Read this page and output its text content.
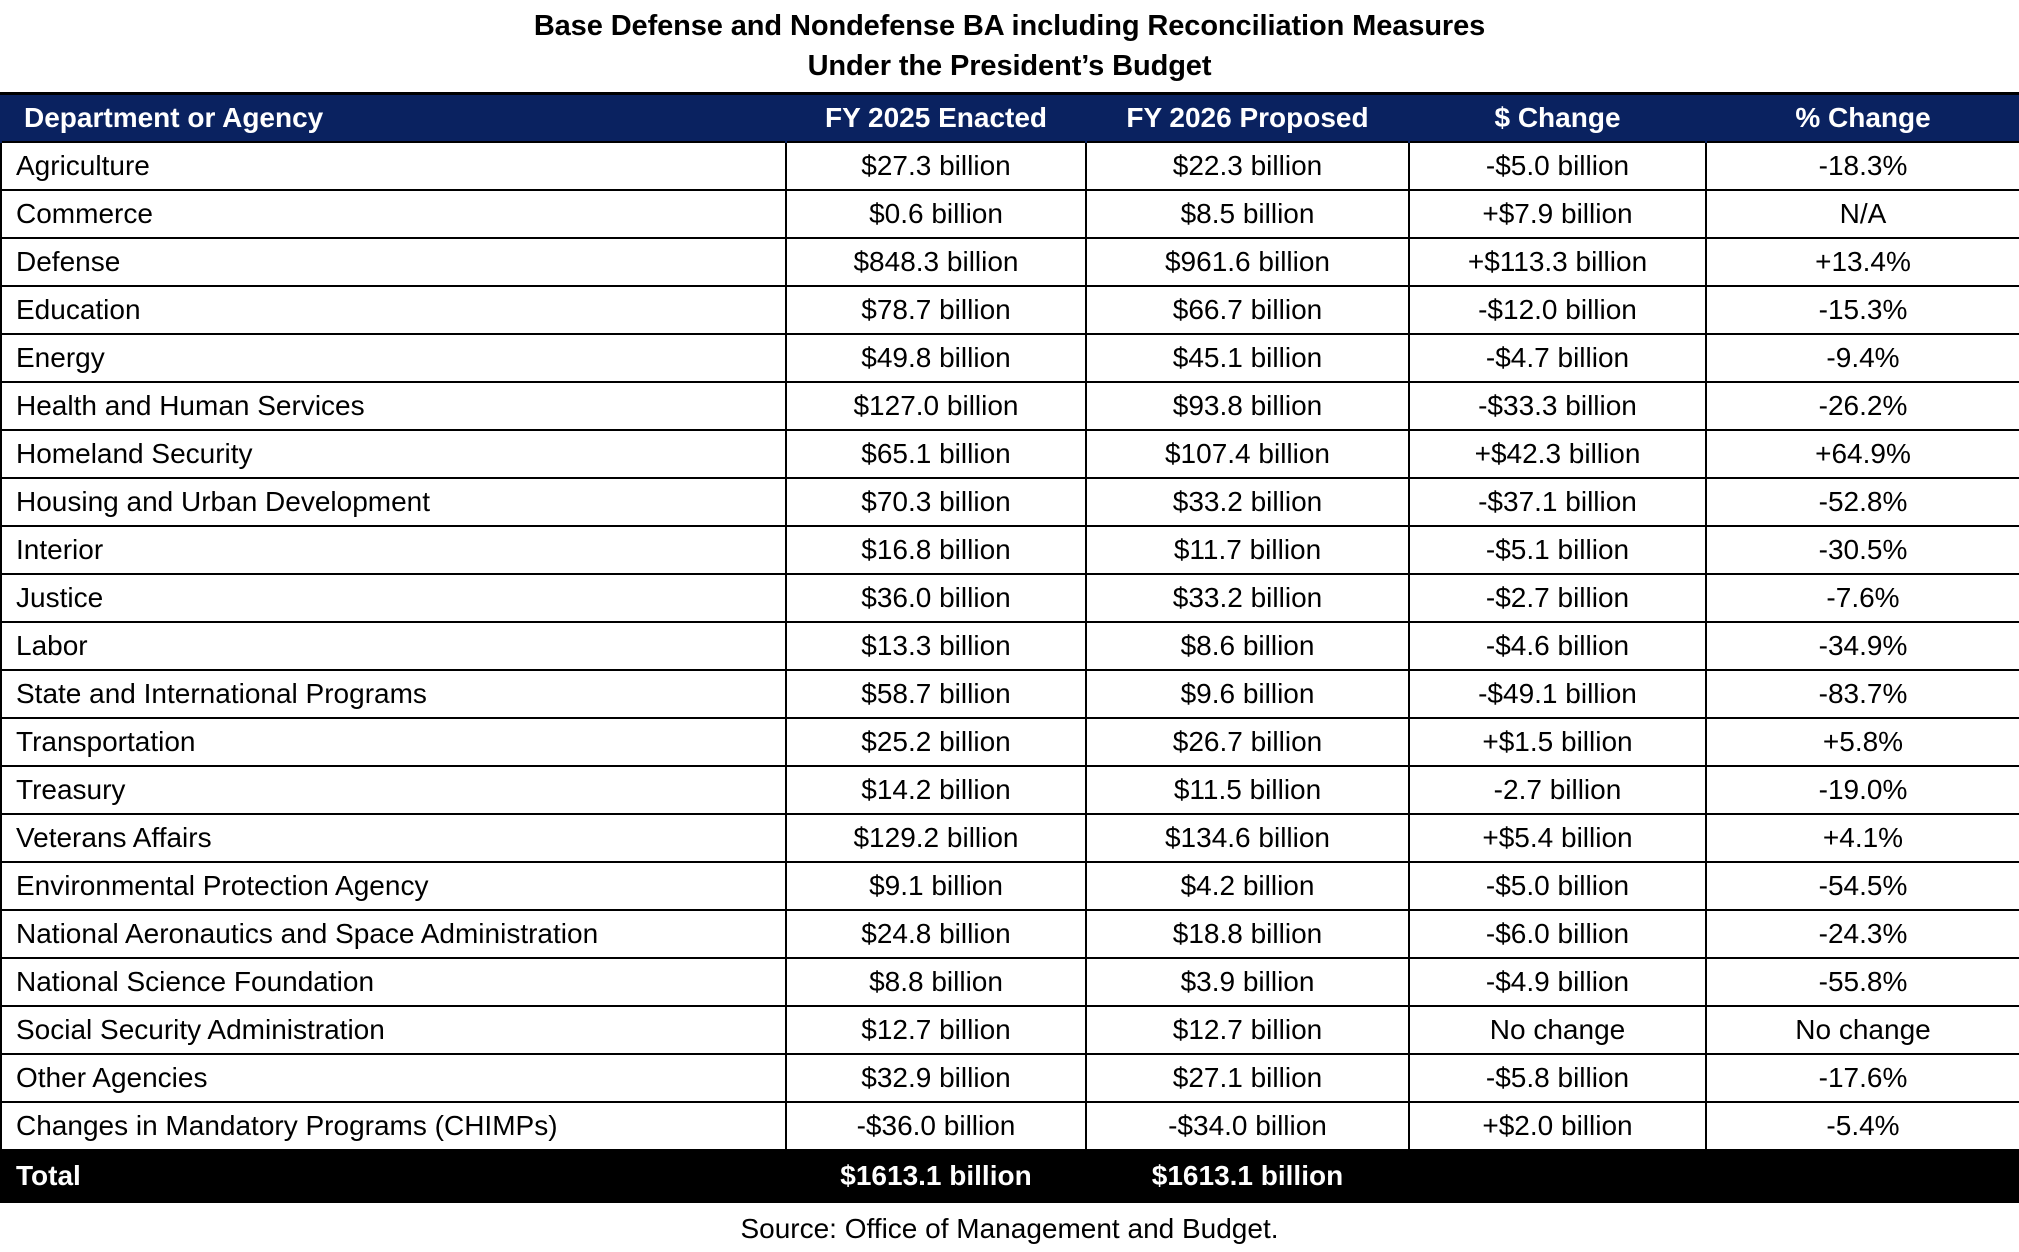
Base Defense and Nondefense BA including Reconciliation Measures
Under the President’s Budget
Department or Agency	FY 2025 Enacted	FY 2026 Proposed	$ Change	% Change
Agriculture	$27.3 billion	$22.3 billion	-$5.0 billion	-18.3%
Commerce	$0.6 billion	$8.5 billion	+$7.9 billion	N/A
Defense	$848.3 billion	$961.6 billion	+$113.3 billion	+13.4%
Education	$78.7 billion	$66.7 billion	-$12.0 billion	-15.3%
Energy	$49.8 billion	$45.1 billion	-$4.7 billion	-9.4%
Health and Human Services	$127.0 billion	$93.8 billion	-$33.3 billion	-26.2%
Homeland Security	$65.1 billion	$107.4 billion	+$42.3 billion	+64.9%
Housing and Urban Development	$70.3 billion	$33.2 billion	-$37.1 billion	-52.8%
Interior	$16.8 billion	$11.7 billion	-$5.1 billion	-30.5%
Justice	$36.0 billion	$33.2 billion	-$2.7 billion	-7.6%
Labor	$13.3 billion	$8.6 billion	-$4.6 billion	-34.9%
State and International Programs	$58.7 billion	$9.6 billion	-$49.1 billion	-83.7%
Transportation	$25.2 billion	$26.7 billion	+$1.5 billion	+5.8%
Treasury	$14.2 billion	$11.5 billion	-2.7 billion	-19.0%
Veterans Affairs	$129.2 billion	$134.6 billion	+$5.4 billion	+4.1%
Environmental Protection Agency	$9.1 billion	$4.2 billion	-$5.0 billion	-54.5%
National Aeronautics and Space Administration	$24.8 billion	$18.8 billion	-$6.0 billion	-24.3%
National Science Foundation	$8.8 billion	$3.9 billion	-$4.9 billion	-55.8%
Social Security Administration	$12.7 billion	$12.7 billion	No change	No change
Other Agencies	$32.9 billion	$27.1 billion	-$5.8 billion	-17.6%
Changes in Mandatory Programs (CHIMPs)	-$36.0 billion	-$34.0 billion	+$2.0 billion	-5.4%
Total	$1613.1 billion	$1613.1 billion		
Source: Office of Management and Budget.
